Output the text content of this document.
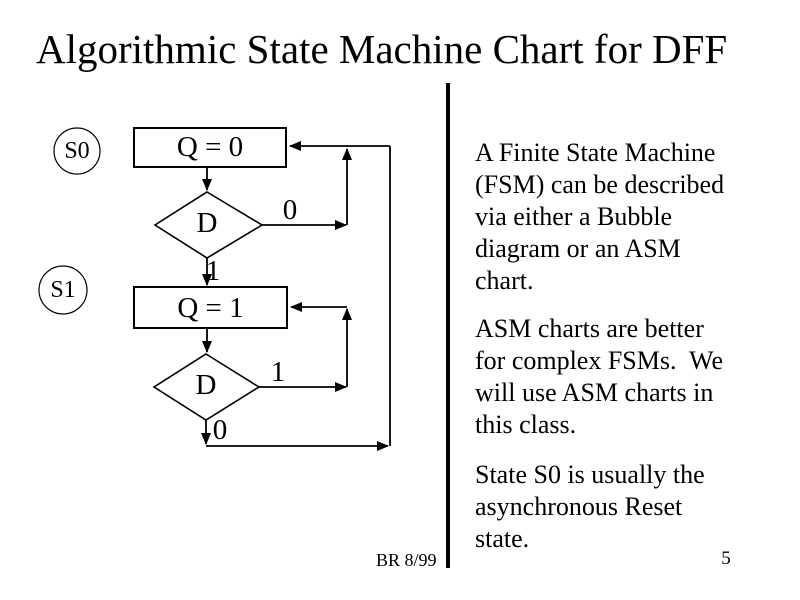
Algorithmic State Machine Chart for DFF
S0
S1
Q = 0
Q = 1
D
D
0
1
1
0
A Finite State Machine
(FSM) can be described
via either a Bubble
diagram or an ASM
chart.
ASM charts are better
for complex FSMs.  We
will use ASM charts in
this class.
State S0 is usually the
asynchronous Reset
state.
BR 8/99	5
